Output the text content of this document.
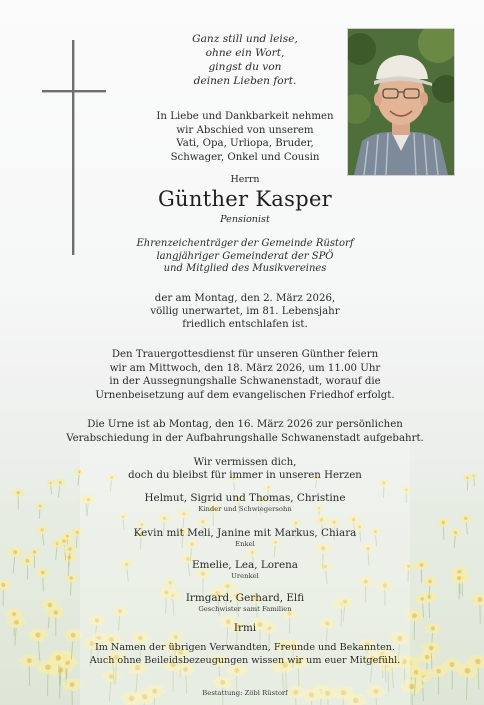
Ganz still und leise,
ohne ein Wort,
gingst du von
deinen Lieben fort.
In Liebe und Dankbarkeit nehmen
wir Abschied von unserem
Vati, Opa, Urliopa, Bruder,
Schwager, Onkel und Cousin
Herrn
Günther Kasper
Pensionist
Ehrenzeichenträger der Gemeinde Rüstorf
langjähriger Gemeinderat der SPÖ
und Mitglied des Musikvereines
der am Montag, den 2. März 2026,
völlig unerwartet, im 81. Lebensjahr
friedlich entschlafen ist.
Den Trauergottesdienst für unseren Günther feiern
wir am Mittwoch, den 18. März 2026, um 11.00 Uhr
in der Aussegnungshalle Schwanenstadt, worauf die
Urnenbeisetzung auf dem evangelischen Friedhof erfolgt.
Die Urne ist ab Montag, den 16. März 2026 zur persönlichen
Verabschiedung in der Aufbahrungshalle Schwanenstadt aufgebahrt.
Wir vermissen dich,
doch du bleibst für immer in unseren Herzen
Helmut, Sigrid und Thomas, Christine
Kinder und Schwiegersohn
Kevin mit Meli, Janine mit Markus, Chiara
Enkel
Emelie, Lea, Lorena
Urenkel
Irmgard, Gerhard, Elfi
Geschwister samt Familien
Irmi
Im Namen der übrigen Verwandten, Freunde und Bekannten.
Auch ohne Beileidsbezeugungen wissen wir um euer Mitgefühl.
Bestattung: Zöbl Rüstorf
